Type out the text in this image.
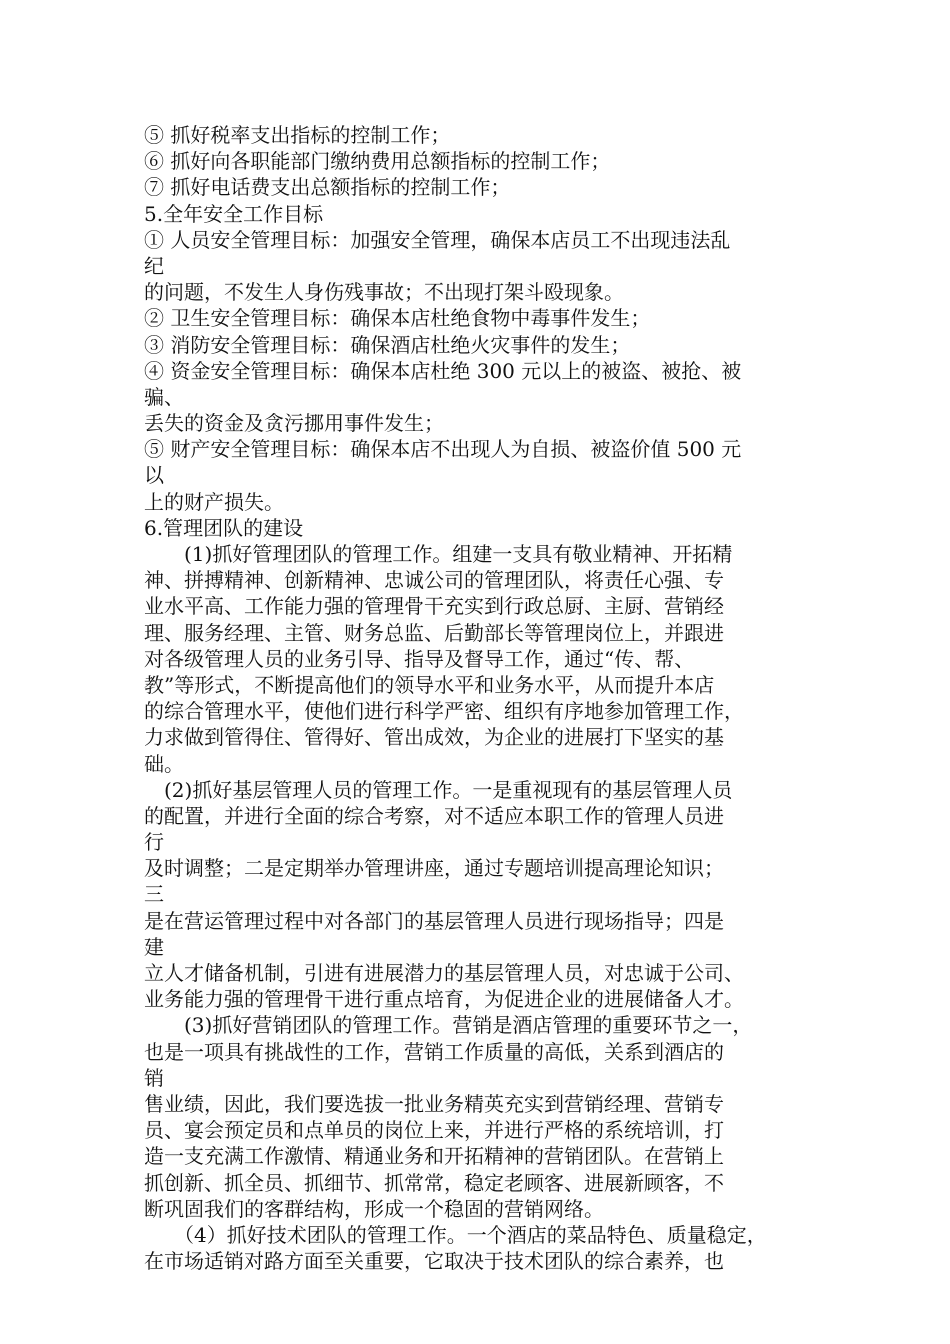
⑤ 抓好税率支出指标的控制工作；
⑥ 抓好向各职能部门缴纳费用总额指标的控制工作；
⑦ 抓好电话费支出总额指标的控制工作；
5.全年安全工作目标
① 人员安全管理目标：加强安全管理，确保本店员工不出现违法乱
纪
的问题，不发生人身伤残事故；不出现打架斗殴现象。
② 卫生安全管理目标：确保本店杜绝食物中毒事件发生；
③ 消防安全管理目标：确保酒店杜绝火灾事件的发生；
④ 资金安全管理目标：确保本店杜绝 300 元以上的被盗、被抢、被
骗、
丢失的资金及贪污挪用事件发生；
⑤ 财产安全管理目标：确保本店不出现人为自损、被盗价值 500 元
以
上的财产损失。
6.管理团队的建设
　　(1)抓好管理团队的管理工作。组建一支具有敬业精神、开拓精
神、拼搏精神、创新精神、忠诚公司的管理团队，将责任心强、专
业水平高、工作能力强的管理骨干充实到行政总厨、主厨、营销经
理、服务经理、主管、财务总监、后勤部长等管理岗位上，并跟进
对各级管理人员的业务引导、指导及督导工作，通过“传、帮、
教”等形式，不断提高他们的领导水平和业务水平，从而提升本店
的综合管理水平，使他们进行科学严密、组织有序地参加管理工作，
力求做到管得住、管得好、管出成效，为企业的进展打下坚实的基
础。
　(2)抓好基层管理人员的管理工作。一是重视现有的基层管理人员
的配置，并进行全面的综合考察，对不适应本职工作的管理人员进
行
及时调整；二是定期举办管理讲座，通过专题培训提高理论知识；
三
是在营运管理过程中对各部门的基层管理人员进行现场指导；四是
建
立人才储备机制，引进有进展潜力的基层管理人员，对忠诚于公司、
业务能力强的管理骨干进行重点培育，为促进企业的进展储备人才。
　　(3)抓好营销团队的管理工作。营销是酒店管理的重要环节之一，
也是一项具有挑战性的工作，营销工作质量的高低，关系到酒店的
销
售业绩，因此，我们要选拔一批业务精英充实到营销经理、营销专
员、宴会预定员和点单员的岗位上来，并进行严格的系统培训，打
造一支充满工作激情、精通业务和开拓精神的营销团队。在营销上
抓创新、抓全员、抓细节、抓常常，稳定老顾客、进展新顾客，不
断巩固我们的客群结构，形成一个稳固的营销网络。
　　（4）抓好技术团队的管理工作。一个酒店的菜品特色、质量稳定，
在市场适销对路方面至关重要，它取决于技术团队的综合素养，也
